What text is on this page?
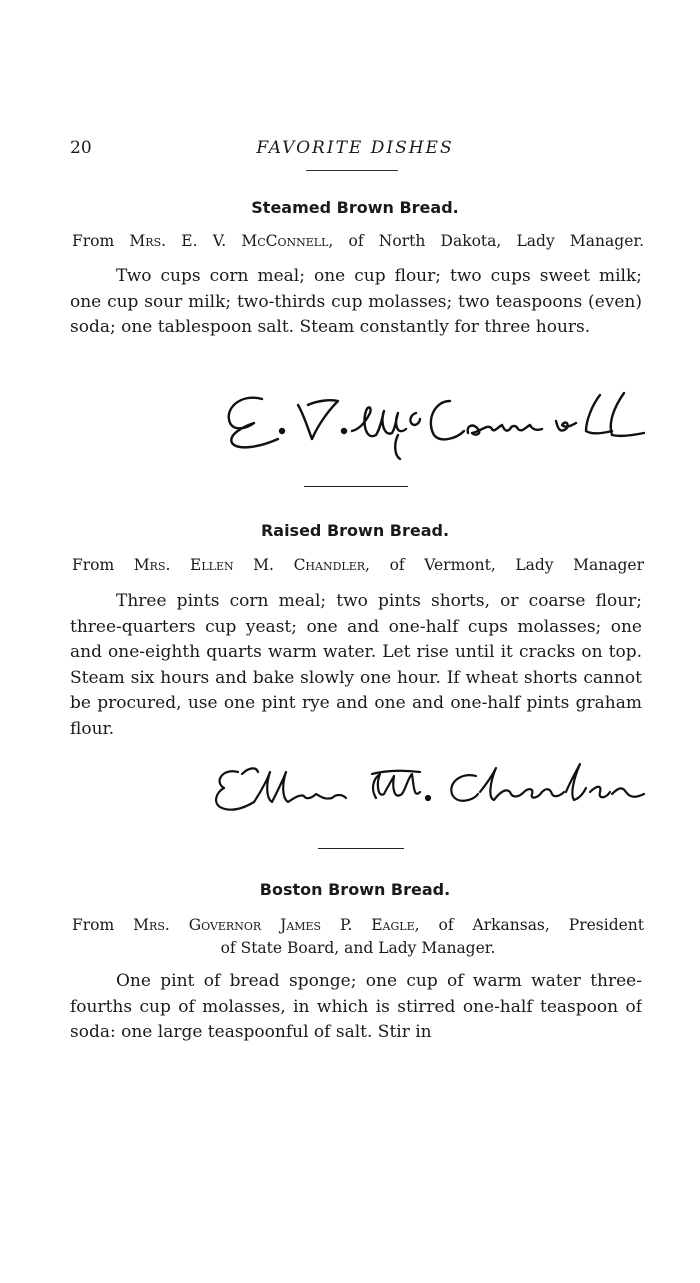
20	FAVORITE DISHES
Steamed Brown Bread.
From Mrs. E. V. McConnell, of North Dakota, Lady Manager.

Two cups corn meal; one cup flour; two cups sweet milk; one cup sour milk; two-thirds cup molasses; two teaspoons (even) soda; one tablespoon salt. Steam constantly for three hours.

Raised Brown Bread.
From Mrs. Ellen M. Chandler, of Vermont, Lady Manager

Three pints corn meal; two pints shorts, or coarse flour; three-quarters cup yeast; one and one-half cups molasses; one and one-eighth quarts warm water. Let rise until it cracks on top. Steam six hours and bake slowly one hour. If wheat shorts cannot be procured, use one pint rye and one and one-half pints graham flour.

Boston Brown Bread.
From Mrs. Governor James P. Eagle, of Arkansas, President
of State Board, and Lady Manager.

One pint of bread sponge; one cup of warm water three-fourths cup of molasses, in which is stirred one-half teaspoon of soda: one large teaspoonful of salt. Stir in
